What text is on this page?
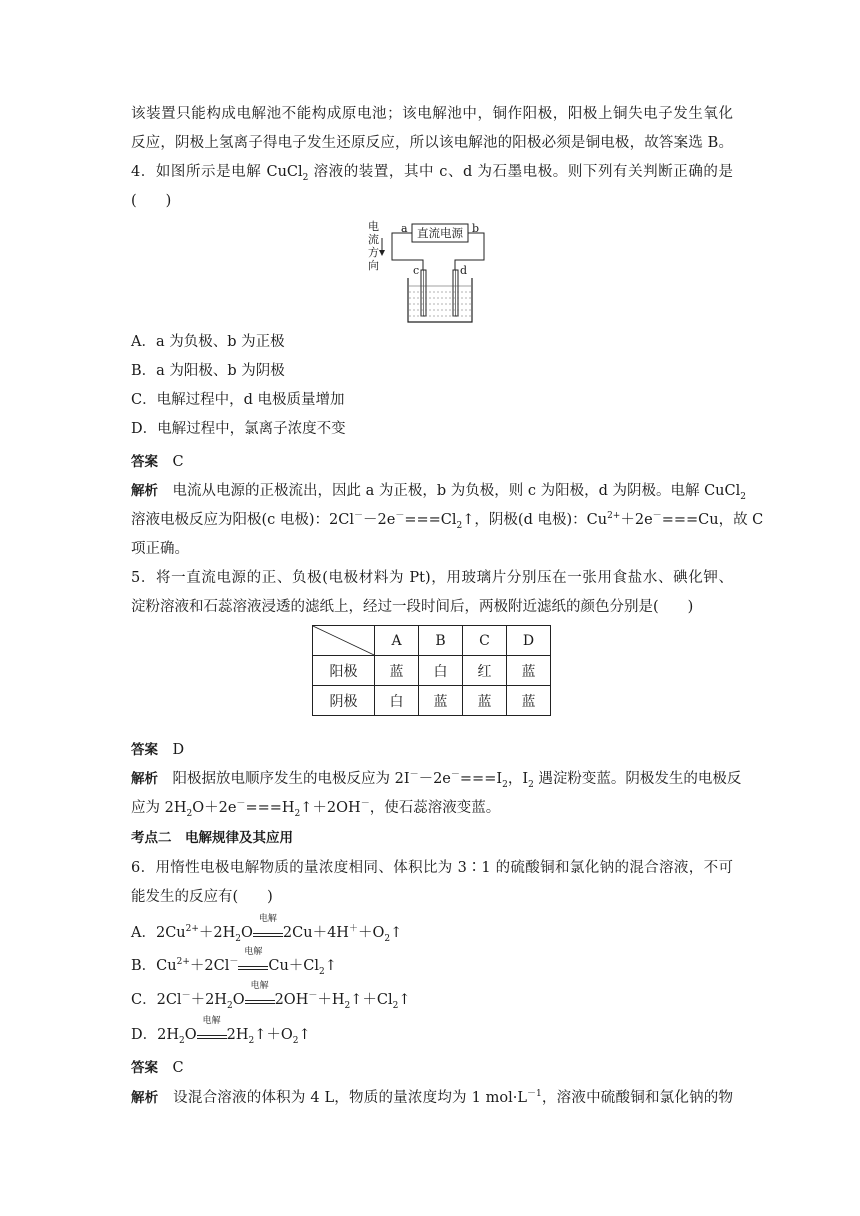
该装置只能构成电解池不能构成原电池；该电解池中，铜作阳极，阳极上铜失电子发生氧化
反应，阴极上氢离子得电子发生还原反应，所以该电解池的阳极必须是铜电极，故答案选 B。
4．如图所示是电解 CuCl$_2$ 溶液的装置，其中 c、d 为石墨电极。则下列有关判断正确的是
(　　)
电流方向
直流电源
a	b
c	d
A．a 为负极、b 为正极
B．a 为阳极、b 为阴极
C．电解过程中，d 电极质量增加
D．电解过程中，氯离子浓度不变
答案　 C
解析　 电流从电源的正极流出，因此 a 为正极，b 为负极，则 c 为阳极，d 为阴极。电解 CuCl$_2$
溶液电极反应为阳极(c 电极)：$2Cl^--2e^-===Cl_2↑$，阴极(d 电极)：$Cu^{2+}+2e^-===Cu$，故 C
项正确。
5．将一直流电源的正、负极(电极材料为 Pt)，用玻璃片分别压在一张用食盐水、碘化钾、
淀粉溶液和石蕊溶液浸透的滤纸上，经过一段时间后，两极附近滤纸的颜色分别是(　　)
	A	B	C	D
阳极	蓝	白	红	蓝
阴极	白	蓝	蓝	蓝
答案　 D
解析　 阳极据放电顺序发生的电极反应为 $2I^--2e^-===I_2$，$I_2$ 遇淀粉变蓝。阴极发生的电极反
应为 $2H_2O+2e^-===H_2↑+2OH^-$，使石蕊溶液变蓝。
考点二　电解规律及其应用
6．用惰性电极电解物质的量浓度相同、体积比为 3∶1 的硫酸铜和氯化钠的混合溶液，不可
能发生的反应有(　　)
A．$2Cu^{2+}+2H_2O$
电解
$2Cu+4H^++O_2↑$
B．$Cu^{2+}+2Cl^-$
电解
$Cu+Cl_2↑$
C．$2Cl^-+2H_2O$
电解
$2OH^-+H_2↑+Cl_2↑$
D．$2H_2O$
电解
$2H_2↑+O_2↑$
答案　 C
解析　 设混合溶液的体积为 4 L，物质的量浓度均为 1 $mol\cdot L^{-1}$，溶液中硫酸铜和氯化钠的物
